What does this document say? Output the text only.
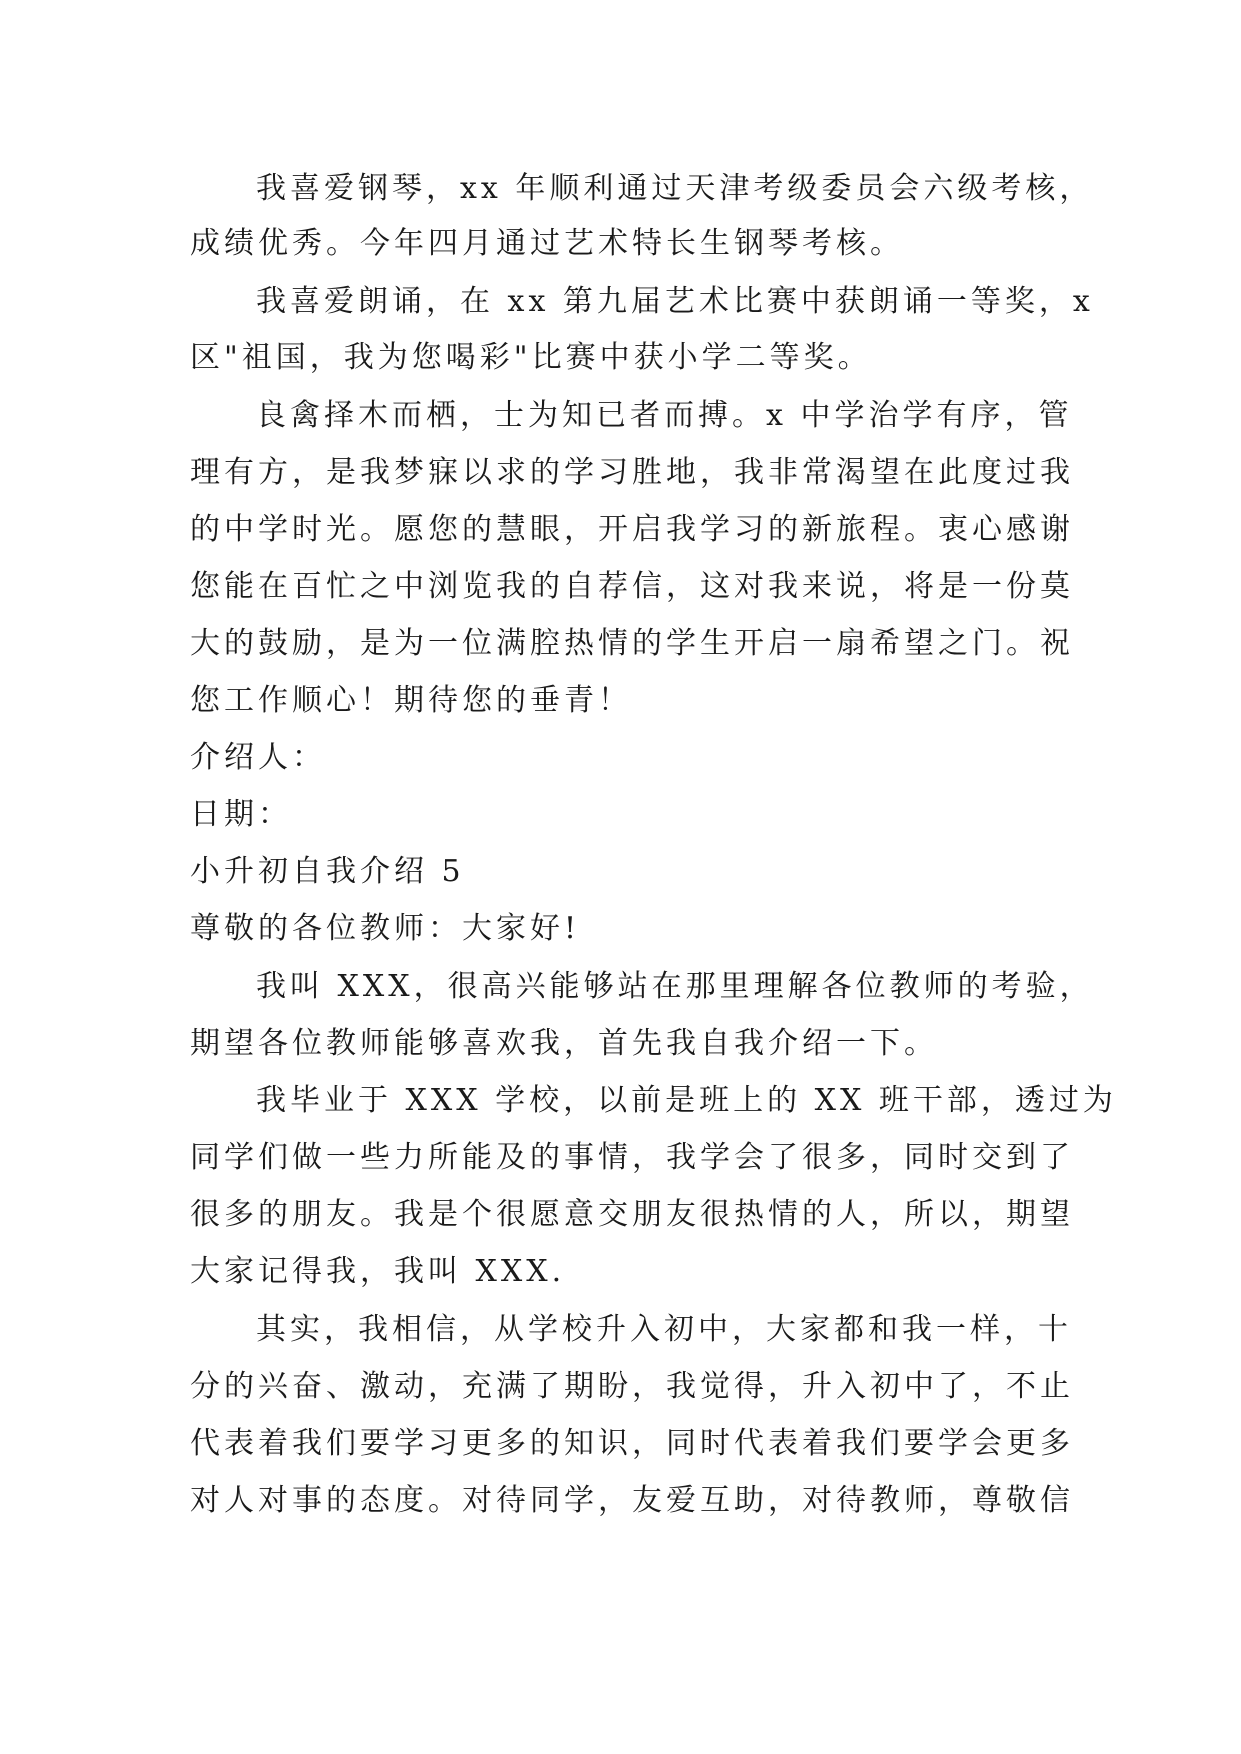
我喜爱钢琴，xx 年顺利通过天津考级委员会六级考核，
成绩优秀。今年四月通过艺术特长生钢琴考核。
我喜爱朗诵，在 xx 第九届艺术比赛中获朗诵一等奖，x
区"祖国，我为您喝彩"比赛中获小学二等奖。
良禽择木而栖，士为知已者而搏。x 中学治学有序，管
理有方，是我梦寐以求的学习胜地，我非常渴望在此度过我
的中学时光。愿您的慧眼，开启我学习的新旅程。衷心感谢
您能在百忙之中浏览我的自荐信，这对我来说，将是一份莫
大的鼓励，是为一位满腔热情的学生开启一扇希望之门。祝
您工作顺心！期待您的垂青！
介绍人：
日期：
小升初自我介绍 5
尊敬的各位教师：大家好!
我叫 XXX，很高兴能够站在那里理解各位教师的考验，
期望各位教师能够喜欢我，首先我自我介绍一下。
我毕业于 XXX 学校，以前是班上的 XX 班干部，透过为
同学们做一些力所能及的事情，我学会了很多，同时交到了
很多的朋友。我是个很愿意交朋友很热情的人，所以，期望
大家记得我，我叫 XXX.
其实，我相信，从学校升入初中，大家都和我一样，十
分的兴奋、激动，充满了期盼，我觉得，升入初中了，不止
代表着我们要学习更多的知识，同时代表着我们要学会更多
对人对事的态度。对待同学，友爱互助，对待教师，尊敬信
